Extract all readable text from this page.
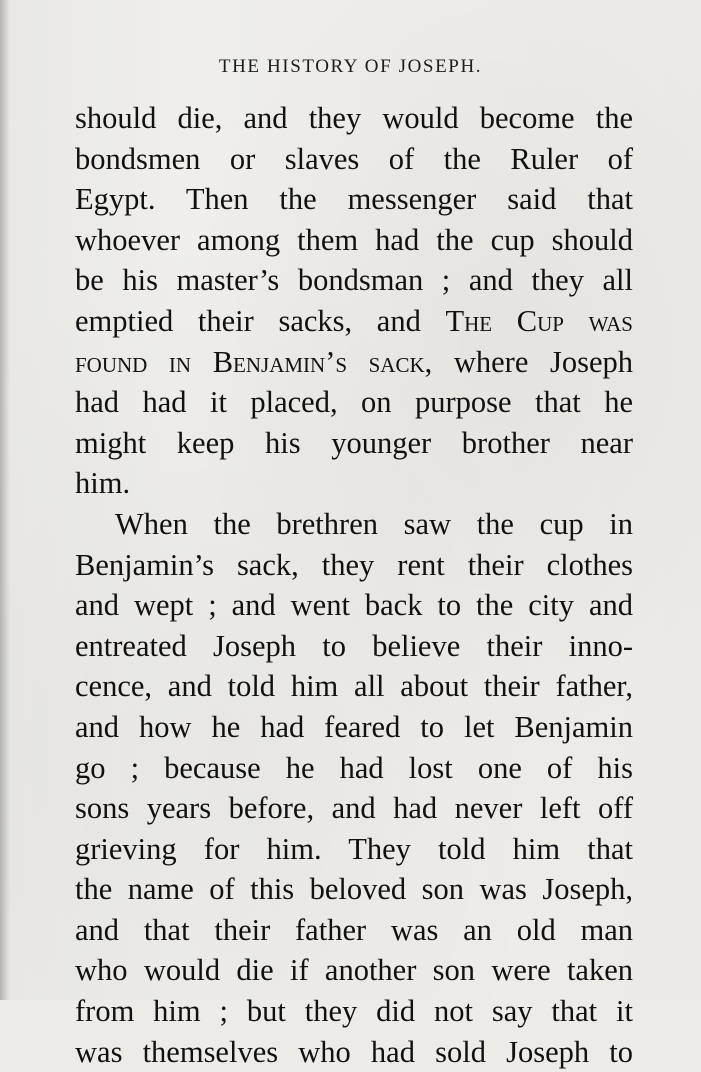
THE HISTORY OF JOSEPH.
should die, and they would become the
bondsmen or slaves of the Ruler of
Egypt. Then the messenger said that
whoever among them had the cup should
be his master’s bondsman ; and they all
emptied their sacks, and The Cup was
found in Benjamin’s sack, where Joseph
had had it placed, on purpose that he
might keep his younger brother near
him.
When the brethren saw the cup in
Benjamin’s sack, they rent their clothes
and wept ; and went back to the city and
entreated Joseph to believe their inno-
cence, and told him all about their father,
and how he had feared to let Benjamin
go ; because he had lost one of his
sons years before, and had never left off
grieving for him. They told him that
the name of this beloved son was Joseph,
and that their father was an old man
who would die if another son were taken
from him ; but they did not say that it
was themselves who had sold Joseph to
